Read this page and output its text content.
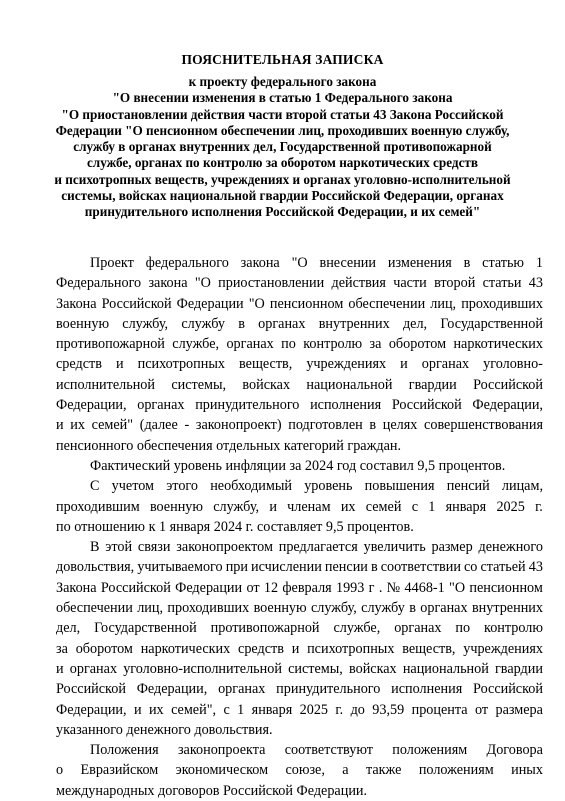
ПОЯСНИТЕЛЬНАЯ ЗАПИСКА
к проекту федерального закона
"О внесении изменения в статью 1 Федерального закона
"О приостановлении действия части второй статьи 43 Закона Российской
Федерации "О пенсионном обеспечении лиц, проходивших военную службу,
службу в органах внутренних дел, Государственной противопожарной
службе, органах по контролю за оборотом наркотических средств
и психотропных веществ, учреждениях и органах уголовно-исполнительной
системы, войсках национальной гвардии Российской Федерации, органах
принудительного исполнения Российской Федерации, и их семей"
Проект федерального закона "О внесении изменения в статью 1
Федерального закона "О приостановлении действия части второй статьи 43
Закона Российской Федерации "О пенсионном обеспечении лиц, проходивших
военную службу, службу в органах внутренних дел, Государственной
противопожарной службе, органах по контролю за оборотом наркотических
средств и психотропных веществ, учреждениях и органах уголовно-
исполнительной системы, войсках национальной гвардии Российской
Федерации, органах принудительного исполнения Российской Федерации,
и их семей" (далее - законопроект) подготовлен в целях совершенствования
пенсионного обеспечения отдельных категорий граждан.
Фактический уровень инфляции за 2024 год составил 9,5 процентов.
С учетом этого необходимый уровень повышения пенсий лицам,
проходившим военную службу, и членам их семей с 1 января 2025 г.
по отношению к 1 января 2024 г. составляет 9,5 процентов.
В этой связи законопроектом предлагается увеличить размер денежного
довольствия, учитываемого при исчислении пенсии в соответствии со статьей 43
Закона Российской Федерации от 12 февраля 1993 г . № 4468-1 "О пенсионном
обеспечении лиц, проходивших военную службу, службу в органах внутренних
дел, Государственной противопожарной службе, органах по контролю
за оборотом наркотических средств и психотропных веществ, учреждениях
и органах уголовно-исполнительной системы, войсках национальной гвардии
Российской Федерации, органах принудительного исполнения Российской
Федерации, и их семей", с 1 января 2025 г. до 93,59 процента от размера
указанного денежного довольствия.
Положения законопроекта соответствуют положениям Договора
о Евразийском экономическом союзе, а также положениям иных
международных договоров Российской Федерации.
